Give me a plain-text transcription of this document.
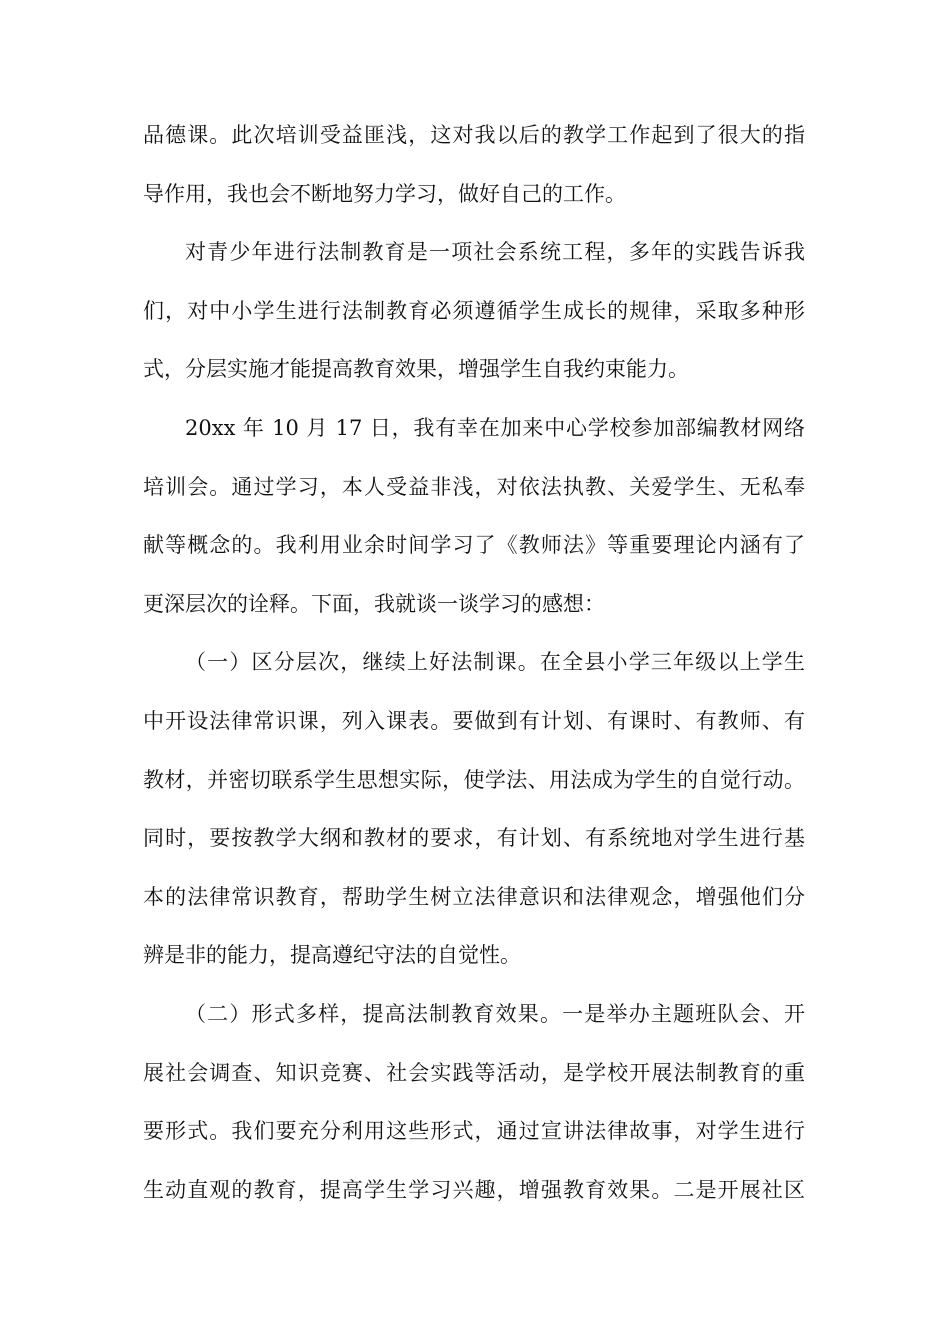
品德课。此次培训受益匪浅，这对我以后的教学工作起到了很大的指
导作用，我也会不断地努力学习，做好自己的工作。
对青少年进行法制教育是一项社会系统工程，多年的实践告诉我
们，对中小学生进行法制教育必须遵循学生成长的规律，采取多种形
式，分层实施才能提高教育效果，增强学生自我约束能力。
20xx 年 10 月 17 日，我有幸在加来中心学校参加部编教材网络
培训会。通过学习，本人受益非浅，对依法执教、关爱学生、无私奉
献等概念的。我利用业余时间学习了《教师法》等重要理论内涵有了
更深层次的诠释。下面，我就谈一谈学习的感想：
（一）区分层次，继续上好法制课。在全县小学三年级以上学生
中开设法律常识课，列入课表。要做到有计划、有课时、有教师、有
教材，并密切联系学生思想实际，使学法、用法成为学生的自觉行动。
同时，要按教学大纲和教材的要求，有计划、有系统地对学生进行基
本的法律常识教育，帮助学生树立法律意识和法律观念，增强他们分
辨是非的能力，提高遵纪守法的自觉性。
（二）形式多样，提高法制教育效果。一是举办主题班队会、开
展社会调查、知识竞赛、社会实践等活动，是学校开展法制教育的重
要形式。我们要充分利用这些形式，通过宣讲法律故事，对学生进行
生动直观的教育，提高学生学习兴趣，增强教育效果。二是开展社区
